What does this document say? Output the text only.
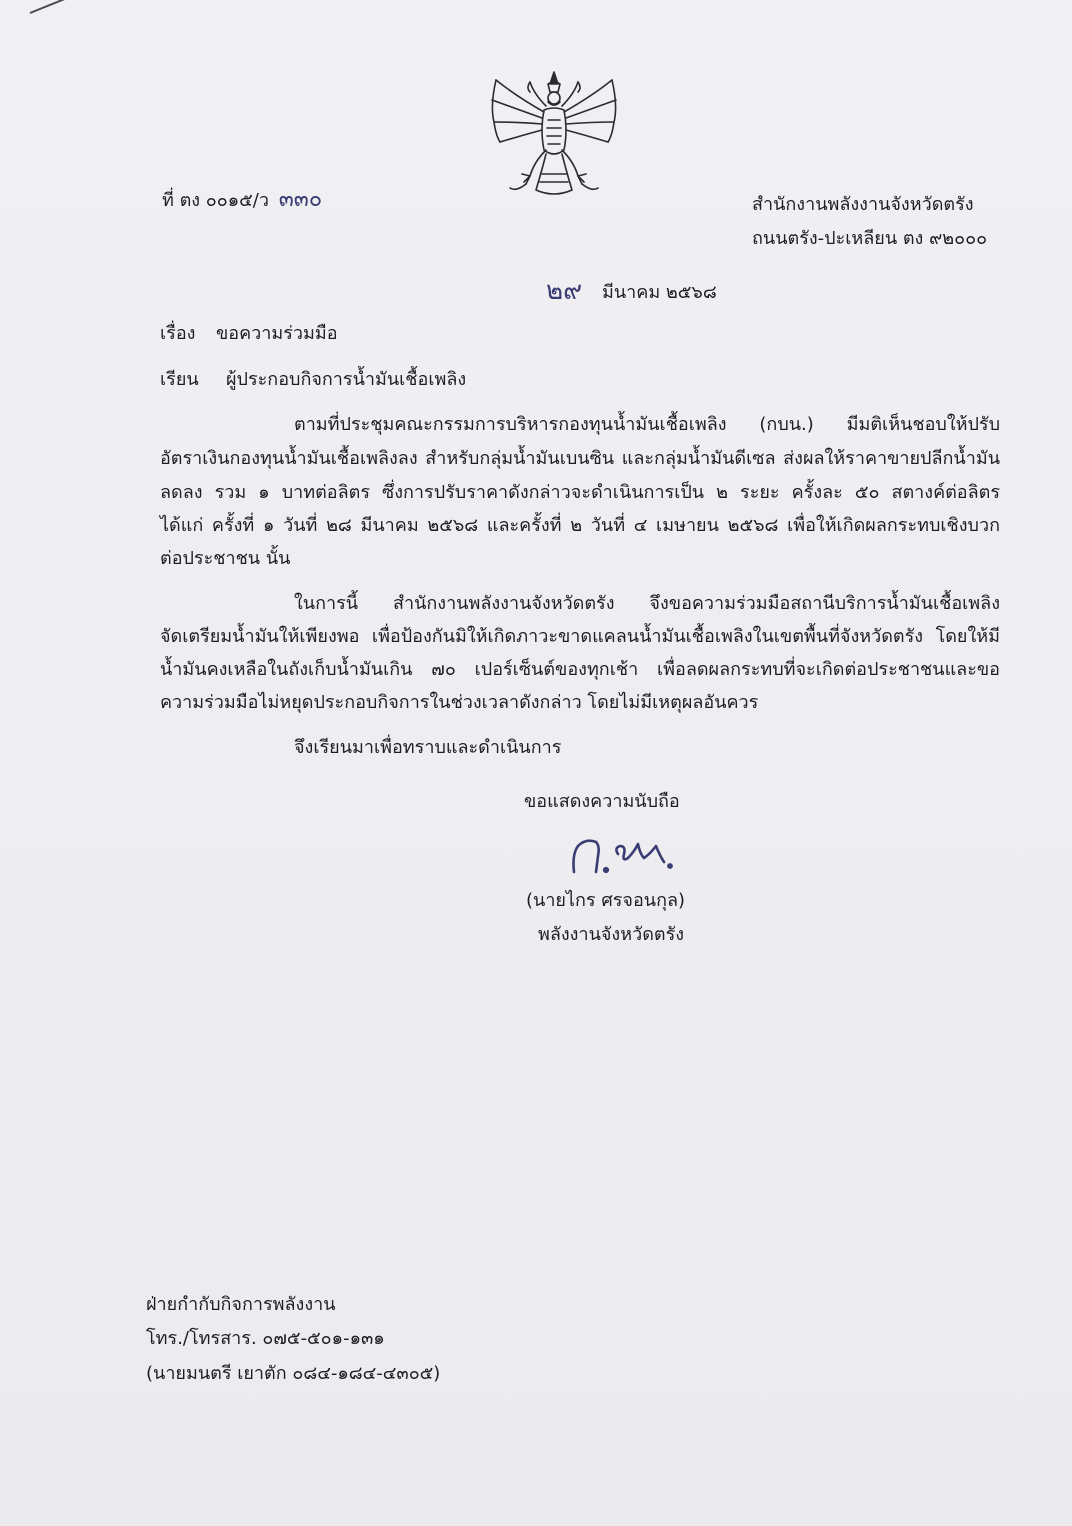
ที่ ตง ๐๐๑๕/ว ๓๓๐	สำนักงานพลังงานจังหวัดตรัง
ถนนตรัง-ปะเหลียน ตง ๙๒๐๐๐
๒๙ มีนาคม ๒๕๖๘
เรื่อง ขอความร่วมมือ
เรียน ผู้ประกอบกิจการน้ำมันเชื้อเพลิง
ตามที่ประชุมคณะกรรมการบริหารกองทุนน้ำมันเชื้อเพลิง (กบน.) มีมติเห็นชอบให้ปรับ
อัตราเงินกองทุนน้ำมันเชื้อเพลิงลง สำหรับกลุ่มน้ำมันเบนซิน และกลุ่มน้ำมันดีเซล ส่งผลให้ราคาขายปลีกน้ำมัน
ลดลง รวม ๑ บาทต่อลิตร ซึ่งการปรับราคาดังกล่าวจะดำเนินการเป็น ๒ ระยะ ครั้งละ ๕๐ สตางค์ต่อลิตร
ได้แก่ ครั้งที่ ๑ วันที่ ๒๘ มีนาคม ๒๕๖๘ และครั้งที่ ๒ วันที่ ๔ เมษายน ๒๕๖๘ เพื่อให้เกิดผลกระทบเชิงบวก
ต่อประชาชน นั้น
ในการนี้ สำนักงานพลังงานจังหวัดตรัง จึงขอความร่วมมือสถานีบริการน้ำมันเชื้อเพลิง
จัดเตรียมน้ำมันให้เพียงพอ เพื่อป้องกันมิให้เกิดภาวะขาดแคลนน้ำมันเชื้อเพลิงในเขตพื้นที่จังหวัดตรัง โดยให้มี
น้ำมันคงเหลือในถังเก็บน้ำมันเกิน ๗๐ เปอร์เซ็นต์ของทุกเช้า เพื่อลดผลกระทบที่จะเกิดต่อประชาชนและขอ
ความร่วมมือไม่หยุดประกอบกิจการในช่วงเวลาดังกล่าว โดยไม่มีเหตุผลอันควร
จึงเรียนมาเพื่อทราบและดำเนินการ
ขอแสดงความนับถือ
(นายไกร ศรจอนกุล)
พลังงานจังหวัดตรัง
ฝ่ายกำกับกิจการพลังงาน
โทร./โทรสาร. ๐๗๕-๕๐๑-๑๓๑
(นายมนตรี เยาตัก ๐๘๔-๑๘๔-๔๓๐๕)
